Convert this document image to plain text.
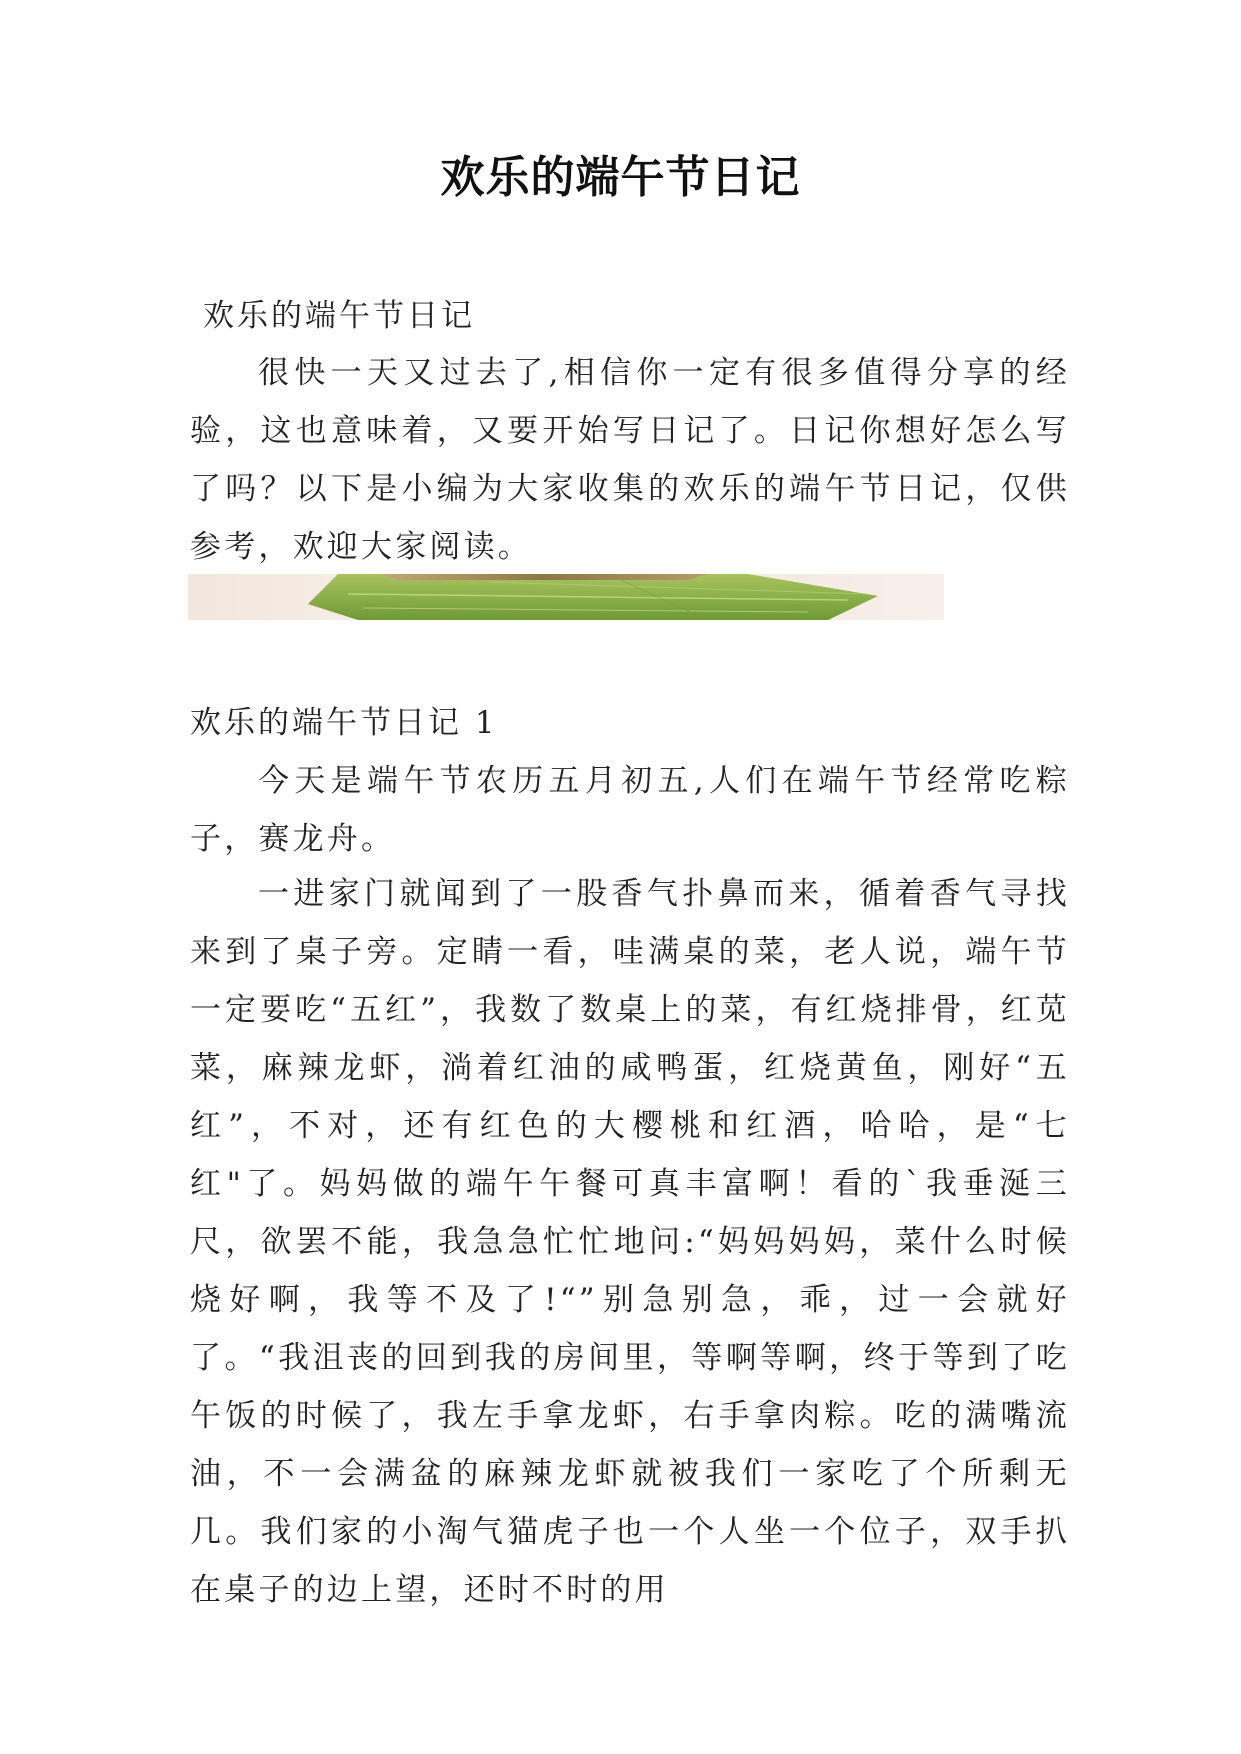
欢乐的端午节日记

欢乐的端午节日记

很快一天又过去了,相信你一定有很多值得分享的经验，这也意味着，又要开始写日记了。日记你想好怎么写了吗？以下是小编为大家收集的欢乐的端午节日记，仅供参考，欢迎大家阅读。

欢乐的端午节日记 1

今天是端午节农历五月初五,人们在端午节经常吃粽子，赛龙舟。

一进家门就闻到了一股香气扑鼻而来，循着香气寻找来到了桌子旁。定睛一看，哇满桌的菜，老人说，端午节一定要吃“五红”，我数了数桌上的菜，有红烧排骨，红苋菜，麻辣龙虾，淌着红油的咸鸭蛋，红烧黄鱼，刚好“五红”，不对，还有红色的大樱桃和红酒，哈哈，是“七红"了。妈妈做的端午午餐可真丰富啊！看的`我垂涎三尺，欲罢不能，我急急忙忙地问:“妈妈妈妈，菜什么时候烧好啊，我等不及了!“”别急别急，乖，过一会就好了。“我沮丧的回到我的房间里，等啊等啊，终于等到了吃午饭的时候了，我左手拿龙虾，右手拿肉粽。吃的满嘴流油，不一会满盆的麻辣龙虾就被我们一家吃了个所剩无几。我们家的小淘气猫虎子也一个人坐一个位子，双手扒在桌子的边上望，还时不时的用
